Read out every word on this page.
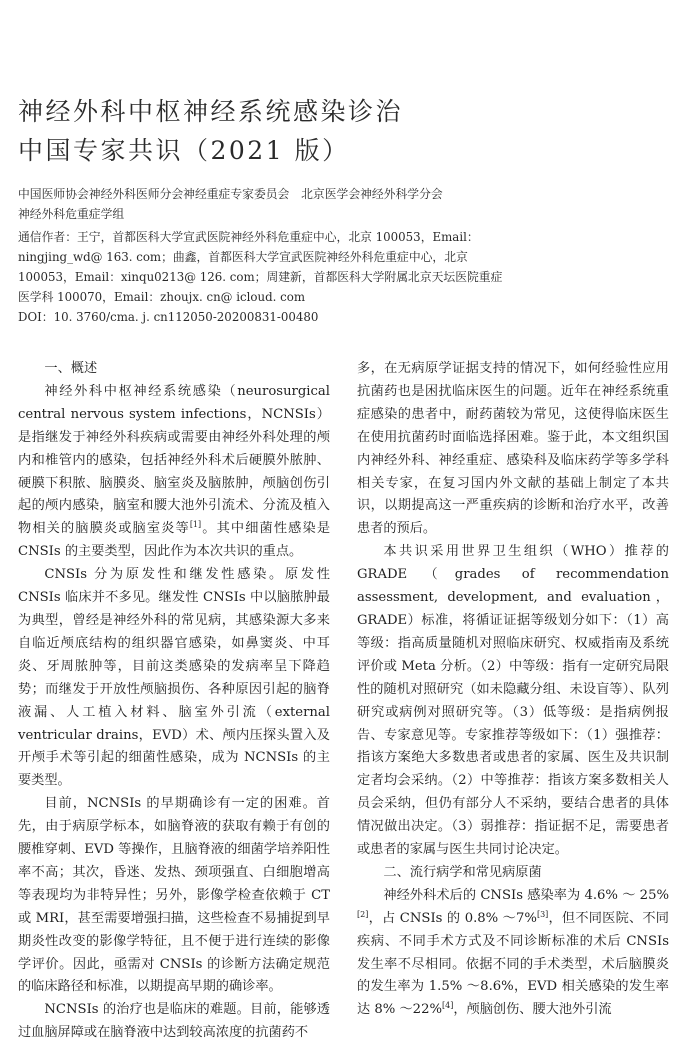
神经外科中枢神经系统感染诊治
中国专家共识（2021 版）
中国医师协会神经外科医师分会神经重症专家委员会　北京医学会神经外科学分会
神经外科危重症学组
通信作者：王宁，首都医科大学宣武医院神经外科危重症中心，北京 100053，Email：
ningjing_wd@ 163. com；曲鑫，首都医科大学宣武医院神经外科危重症中心，北京
100053，Email：xinqu0213@ 126. com；周建新，首都医科大学附属北京天坛医院重症
医学科 100070，Email：zhoujx. cn@ icloud. com
DOI：10. 3760/cma. j. cn112050-20200831-00480
一、概述

神经外科中枢神经系统感染（neurosurgical central nervous system infections，NCNSIs）是指继发于神经外科疾病或需要由神经外科处理的颅内和椎管内的感染，包括神经外科术后硬膜外脓肿、硬膜下积脓、脑膜炎、脑室炎及脑脓肿，颅脑创伤引起的颅内感染，脑室和腰大池外引流术、分流及植入物相关的脑膜炎或脑室炎等[1]。其中细菌性感染是 CNSIs 的主要类型，因此作为本次共识的重点。

CNSIs 分为原发性和继发性感染。原发性 CNSIs 临床并不多见。继发性 CNSIs 中以脑脓肿最为典型，曾经是神经外科的常见病，其感染源大多来自临近颅底结构的组织器官感染，如鼻窦炎、中耳炎、牙周脓肿等，目前这类感染的发病率呈下降趋势；而继发于开放性颅脑损伤、各种原因引起的脑脊液漏、人工植入材料、脑室外引流（external ventricular drains，EVD）术、颅内压探头置入及开颅手术等引起的细菌性感染，成为 NCNSIs 的主要类型。

目前，NCNSIs 的早期确诊有一定的困难。首先，由于病原学标本，如脑脊液的获取有赖于有创的腰椎穿刺、EVD 等操作，且脑脊液的细菌学培养阳性率不高；其次，昏迷、发热、颈项强直、白细胞增高等表现均为非特异性；另外，影像学检查依赖于 CT 或 MRI，甚至需要增强扫描，这些检查不易捕捉到早期炎性改变的影像学特征，且不便于进行连续的影像学评价。因此，亟需对 CNSIs 的诊断方法确定规范的临床路径和标准，以期提高早期的确诊率。

NCNSIs 的治疗也是临床的难题。目前，能够透过血脑屏障或在脑脊液中达到较高浓度的抗菌药不

多，在无病原学证据支持的情况下，如何经验性应用抗菌药也是困扰临床医生的问题。近年在神经系统重症感染的患者中，耐药菌较为常见，这使得临床医生在使用抗菌药时面临选择困难。鉴于此，本文组织国内神经外科、神经重症、感染科及临床药学等多学科相关专家，在复习国内外文献的基础上制定了本共识，以期提高这一严重疾病的诊断和治疗水平，改善患者的预后。

本共识采用世界卫生组织（WHO）推荐的 GRADE（grades of recommendation assessment, development, and evaluation，GRADE）标准，将循证证据等级划分如下：（1）高等级：指高质量随机对照临床研究、权威指南及系统评价或 Meta 分析。（2）中等级：指有一定研究局限性的随机对照研究（如未隐藏分组、未设盲等）、队列研究或病例对照研究等。（3）低等级：是指病例报告、专家意见等。专家推荐等级如下：（1）强推荐：指该方案绝大多数患者或患者的家属、医生及共识制定者均会采纳。（2）中等推荐：指该方案多数相关人员会采纳，但仍有部分人不采纳，要结合患者的具体情况做出决定。（3）弱推荐：指证据不足，需要患者或患者的家属与医生共同讨论决定。

二、流行病学和常见病原菌

神经外科术后的 CNSIs 感染率为 4.6% ～ 25%[2]，占 CNSIs 的 0.8% ～7%[3]，但不同医院、不同疾病、不同手术方式及不同诊断标准的术后 CNSIs 发生率不尽相同。依据不同的手术类型，术后脑膜炎的发生率为 1.5% ～8.6%，EVD 相关感染的发生率达 8% ～22%[4]，颅脑创伤、腰大池外引流
